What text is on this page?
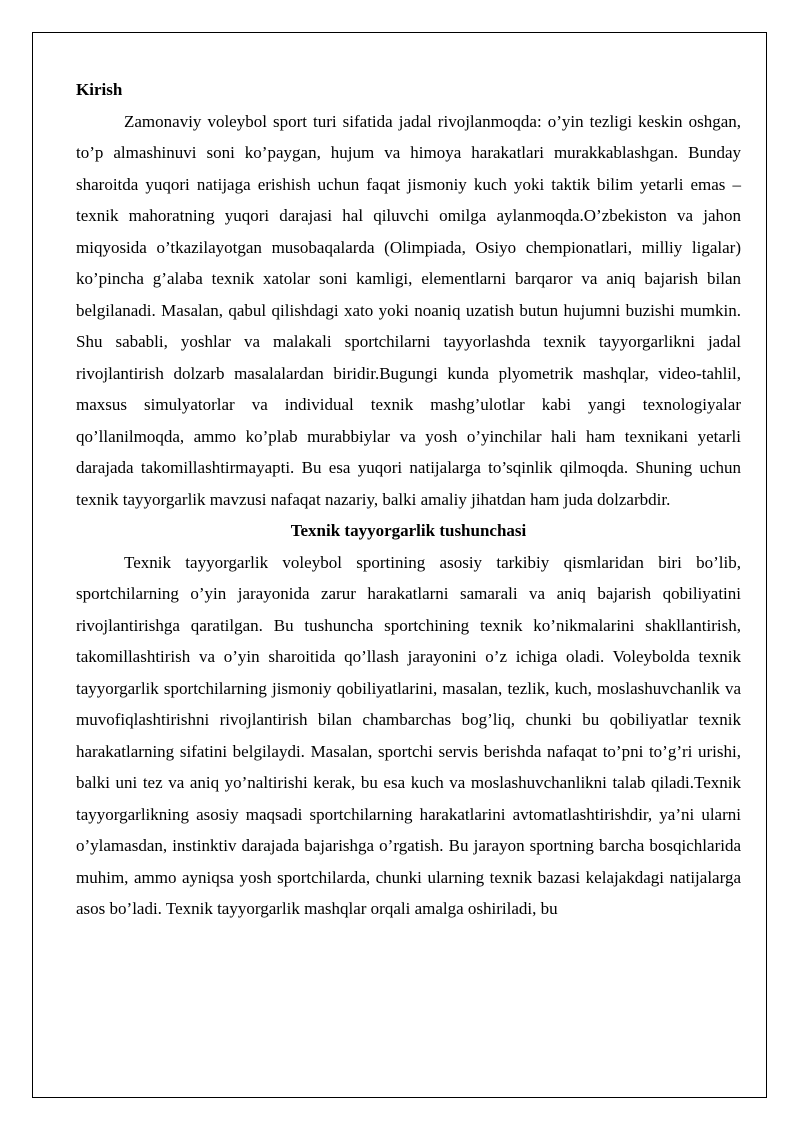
Kirish

Zamonaviy voleybol sport turi sifatida jadal rivojlanmoqda: o’yin tezligi keskin oshgan, to’p almashinuvi soni ko’paygan, hujum va himoya harakatlari murakkablashgan. Bunday sharoitda yuqori natijaga erishish uchun faqat jismoniy kuch yoki taktik bilim yetarli emas – texnik mahoratning yuqori darajasi hal qiluvchi omilga aylanmoqda.O’zbekiston va jahon miqyosida o’tkazilayotgan musobaqalarda (Olimpiada, Osiyo chempionatlari, milliy ligalar) ko’pincha g’alaba texnik xatolar soni kamligi, elementlarni barqaror va aniq bajarish bilan belgilanadi. Masalan, qabul qilishdagi xato yoki noaniq uzatish butun hujumni buzishi mumkin. Shu sababli, yoshlar va malakali sportchilarni tayyorlashda texnik tayyorgarlikni jadal rivojlantirish dolzarb masalalardan biridir.Bugungi kunda plyometrik mashqlar, video-tahlil, maxsus simulyatorlar va individual texnik mashg’ulotlar kabi yangi texnologiyalar qo’llanilmoqda, ammo ko’plab murabbiylar va yosh o’yinchilar hali ham texnikani yetarli darajada takomillashtirmayapti. Bu esa yuqori natijalarga to’sqinlik qilmoqda. Shuning uchun texnik tayyorgarlik mavzusi nafaqat nazariy, balki amaliy jihatdan ham juda dolzarbdir.

Texnik tayyorgarlik tushunchasi

Texnik tayyorgarlik voleybol sportining asosiy tarkibiy qismlaridan biri bo’lib, sportchilarning o’yin jarayonida zarur harakatlarni samarali va aniq bajarish qobiliyatini rivojlantirishga qaratilgan. Bu tushuncha sportchining texnik ko’nikmalarini shakllantirish, takomillashtirish va o’yin sharoitida qo’llash jarayonini o’z ichiga oladi. Voleybolda texnik tayyorgarlik sportchilarning jismoniy qobiliyatlarini, masalan, tezlik, kuch, moslashuvchanlik va muvofiqlashtirishni rivojlantirish bilan chambarchas bog’liq, chunki bu qobiliyatlar texnik harakatlarning sifatini belgilaydi. Masalan, sportchi servis berishda nafaqat to’pni to’g’ri urishi, balki uni tez va aniq yo’naltirishi kerak, bu esa kuch va moslashuvchanlikni talab qiladi.Texnik tayyorgarlikning asosiy maqsadi sportchilarning harakatlarini avtomatlashtirishdir, ya’ni ularni o’ylamasdan, instinktiv darajada bajarishga o’rgatish. Bu jarayon sportning barcha bosqichlarida muhim, ammo ayniqsa yosh sportchilarda, chunki ularning texnik bazasi kelajakdagi natijalarga asos bo’ladi. Texnik tayyorgarlik mashqlar orqali amalga oshiriladi, bu
